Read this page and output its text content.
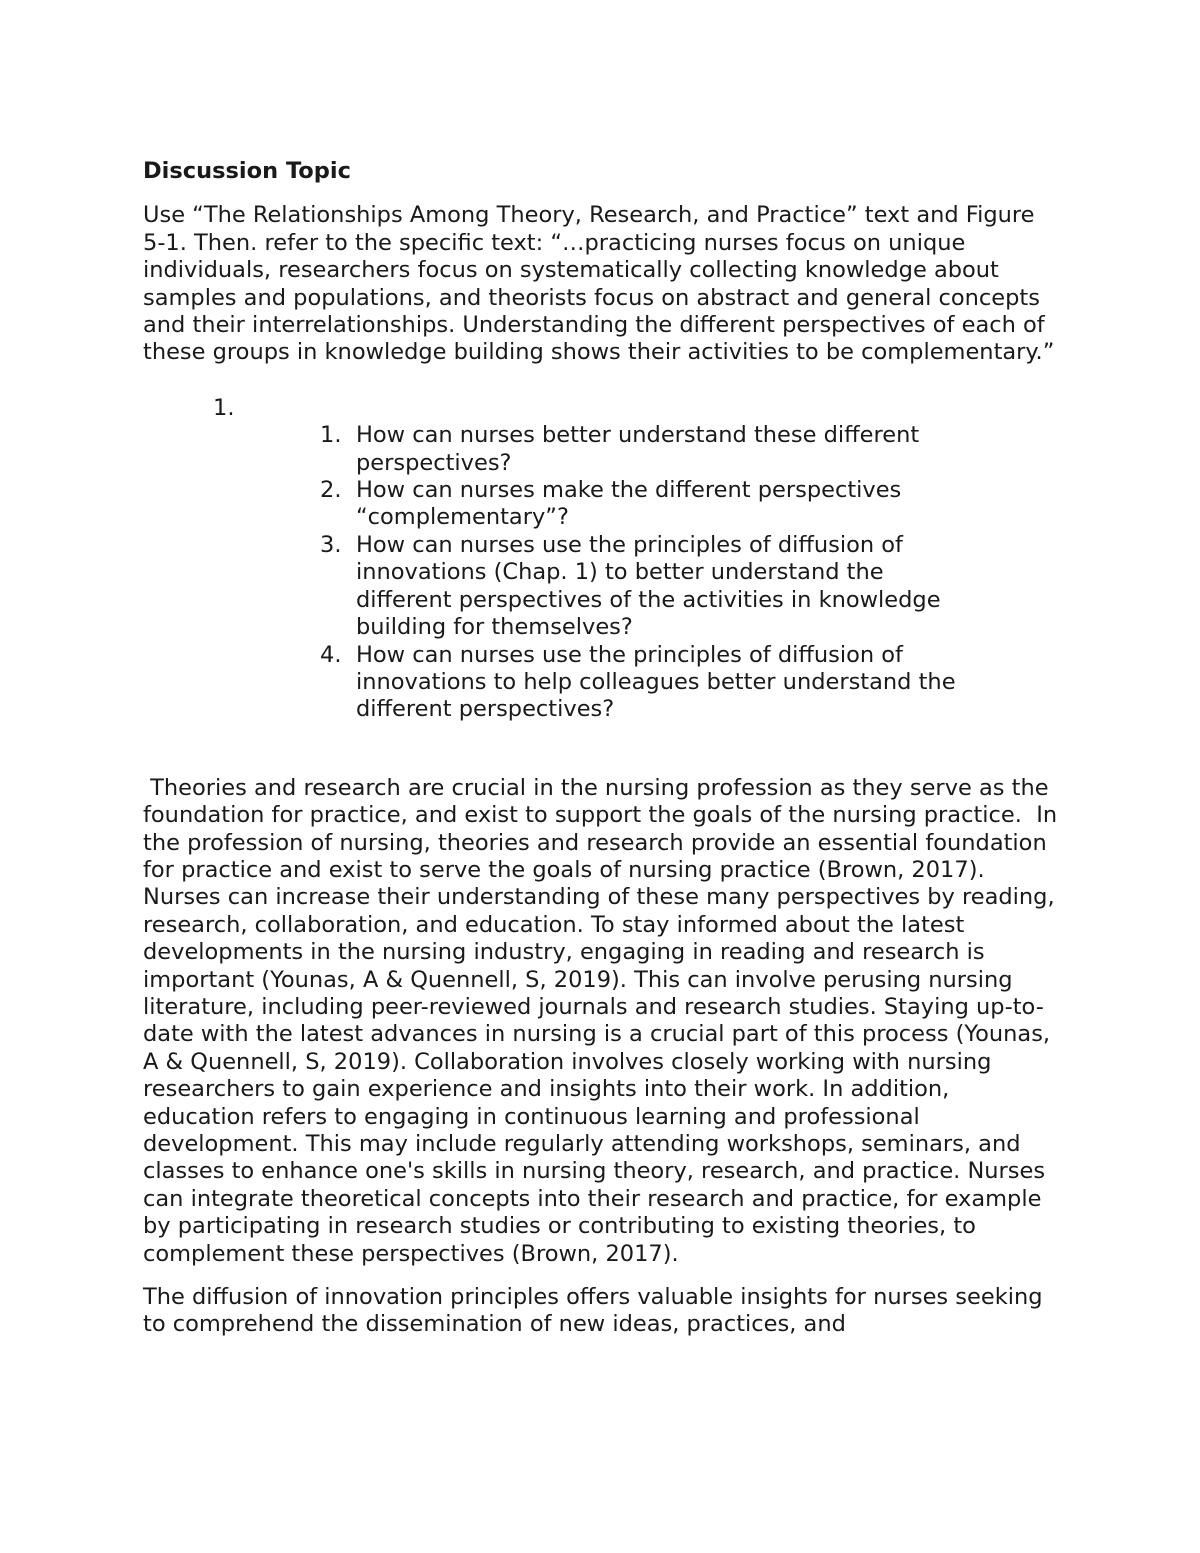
Discussion Topic

Use “The Relationships Among Theory, Research, and Practice” text and Figure 5-1. Then. refer to the specific text: “…practicing nurses focus on unique individuals, researchers focus on systematically collecting knowledge about samples and populations, and theorists focus on abstract and general concepts and their interrelationships. Understanding the different perspectives of each of these groups in knowledge building shows their activities to be complementary.”

1.
1. How can nurses better understand these different perspectives?
2. How can nurses make the different perspectives “complementary”?
3. How can nurses use the principles of diffusion of innovations (Chap. 1) to better understand the different perspectives of the activities in knowledge building for themselves?
4. How can nurses use the principles of diffusion of innovations to help colleagues better understand the different perspectives?

Theories and research are crucial in the nursing profession as they serve as the foundation for practice, and exist to support the goals of the nursing practice.  In the profession of nursing, theories and research provide an essential foundation for practice and exist to serve the goals of nursing practice (Brown, 2017). Nurses can increase their understanding of these many perspectives by reading, research, collaboration, and education. To stay informed about the latest developments in the nursing industry, engaging in reading and research is important (Younas, A & Quennell, S, 2019). This can involve perusing nursing literature, including peer-reviewed journals and research studies. Staying up-to-date with the latest advances in nursing is a crucial part of this process (Younas, A & Quennell, S, 2019). Collaboration involves closely working with nursing researchers to gain experience and insights into their work. In addition, education refers to engaging in continuous learning and professional development. This may include regularly attending workshops, seminars, and classes to enhance one's skills in nursing theory, research, and practice. Nurses can integrate theoretical concepts into their research and practice, for example by participating in research studies or contributing to existing theories, to complement these perspectives (Brown, 2017).

The diffusion of innovation principles offers valuable insights for nurses seeking to comprehend the dissemination of new ideas, practices, and
